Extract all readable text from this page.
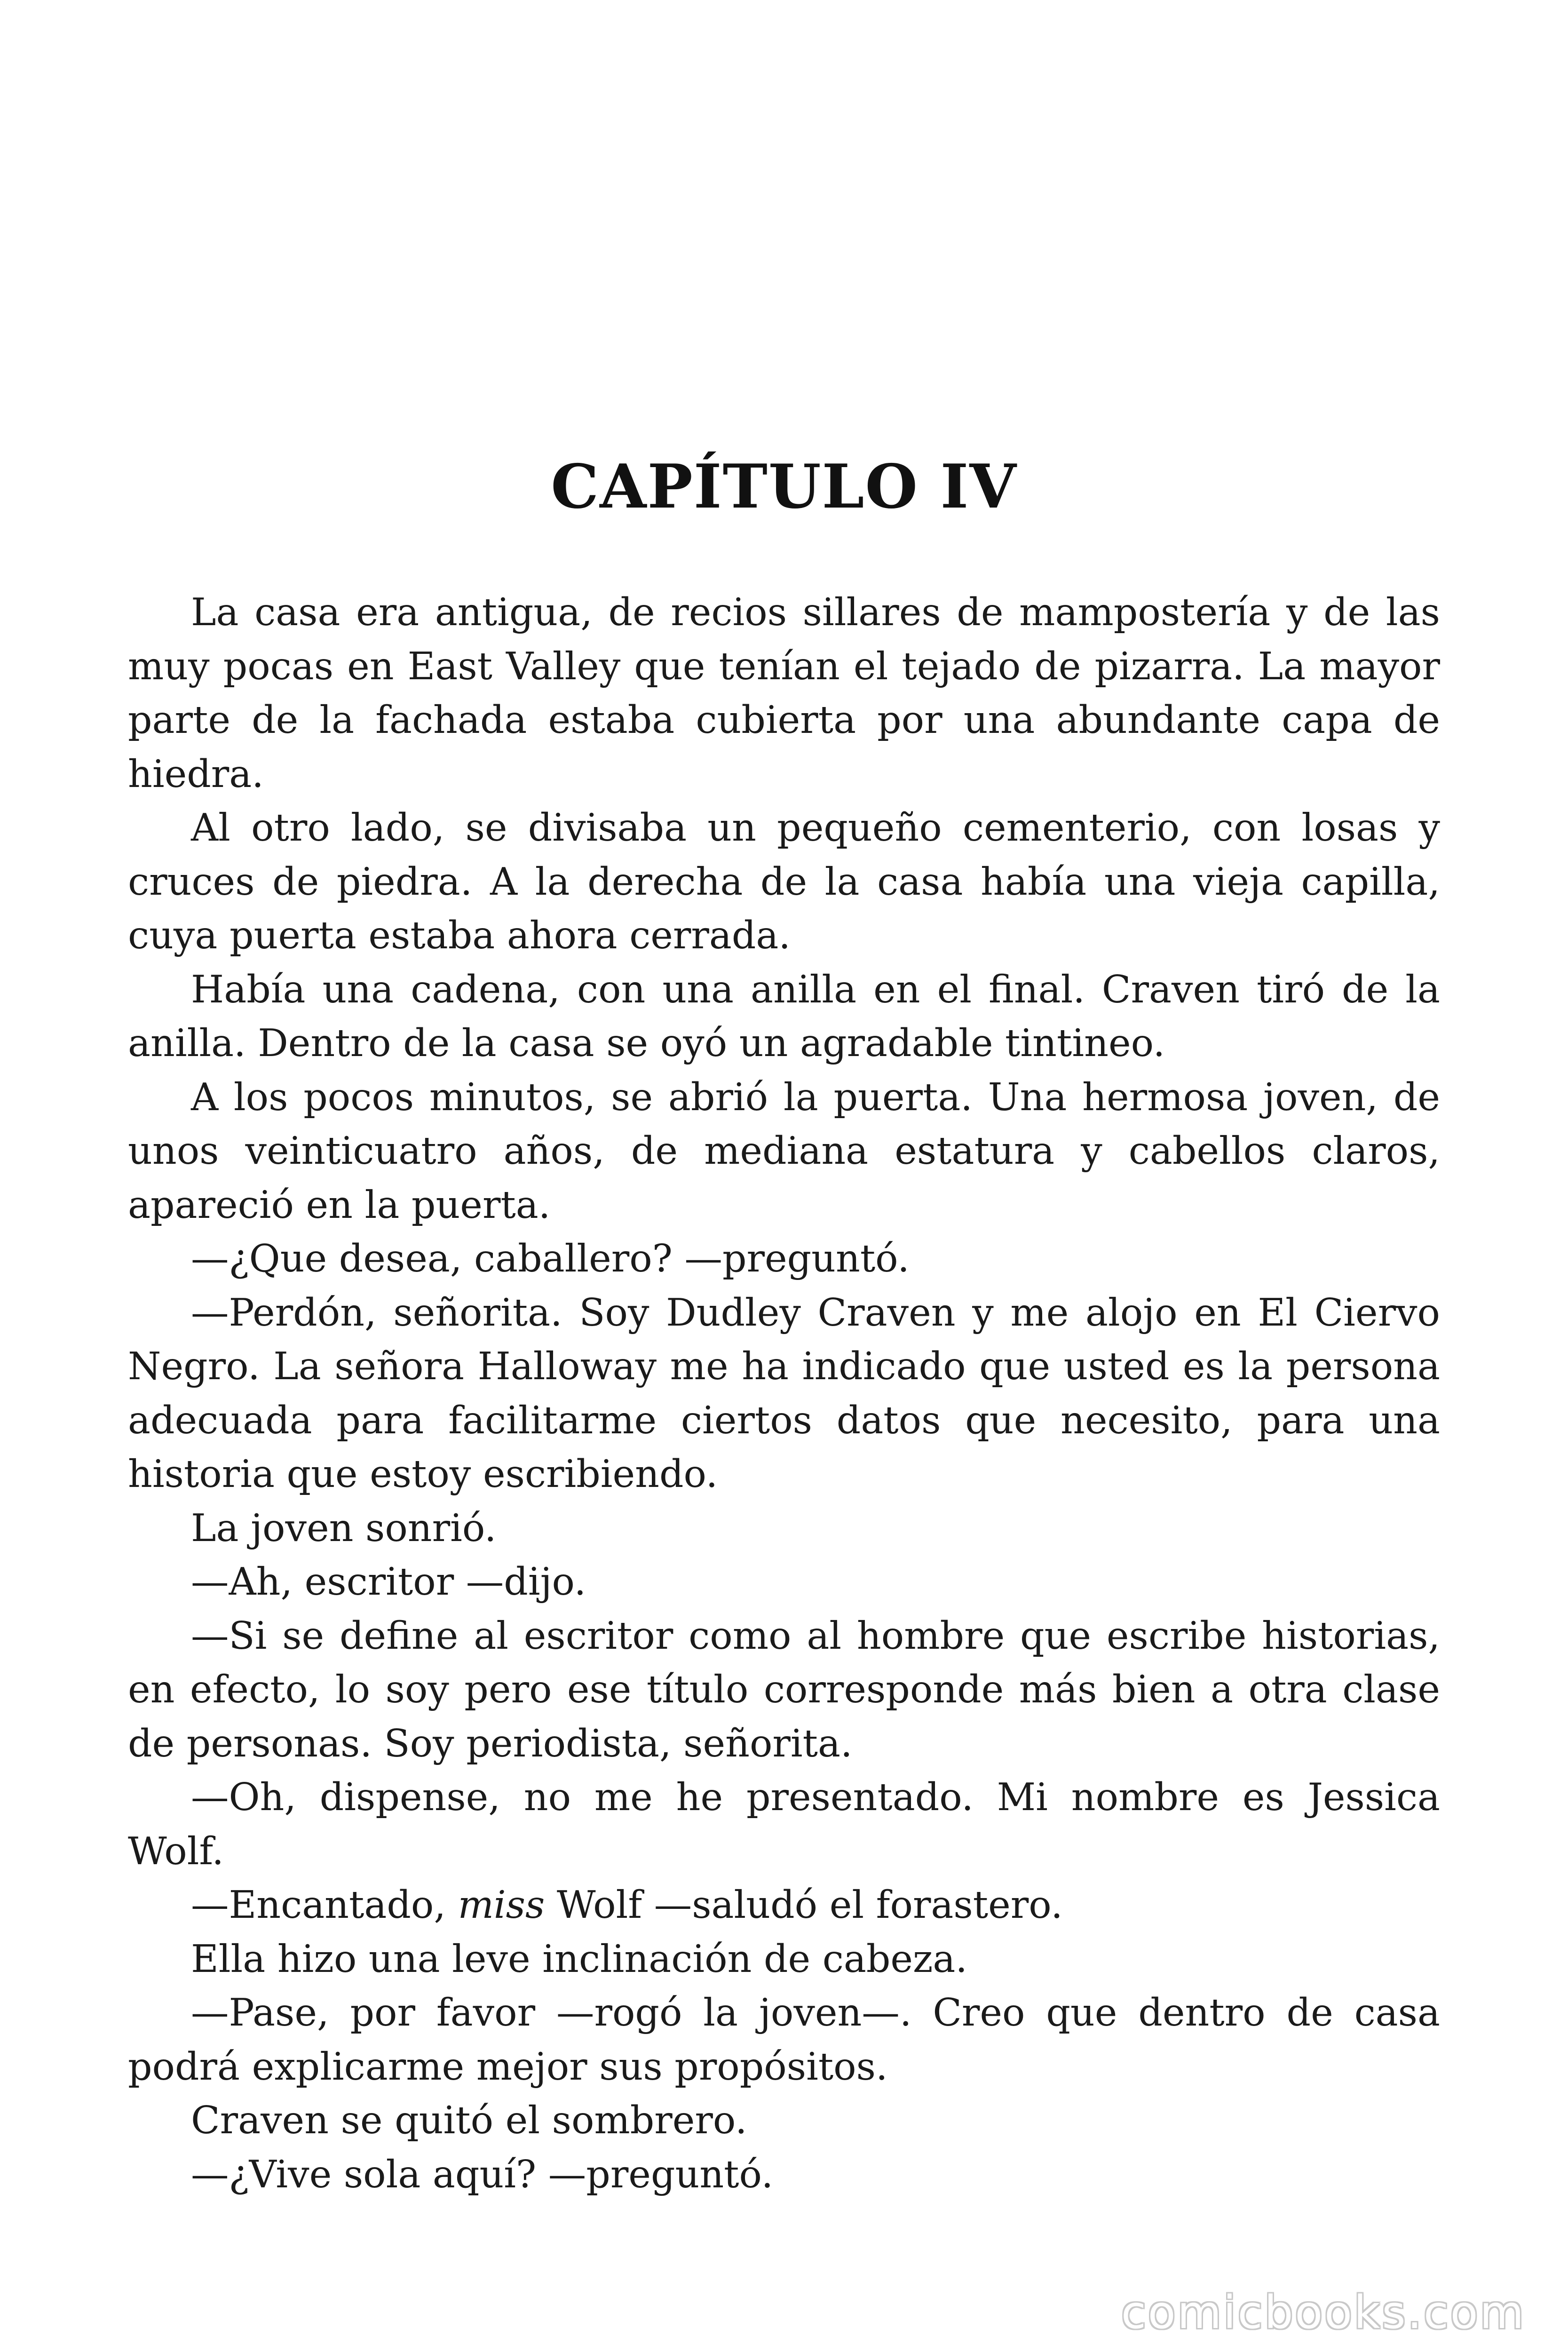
CAPÍTULO IV

La casa era antigua, de recios sillares de mampostería y de las muy pocas en East Valley que tenían el tejado de pizarra. La mayor parte de la fachada estaba cubierta por una abundante capa de hiedra.

Al otro lado, se divisaba un pequeño cementerio, con losas y cruces de piedra. A la derecha de la casa había una vieja capilla, cuya puerta estaba ahora cerrada.

Había una cadena, con una anilla en el final. Craven tiró de la anilla. Dentro de la casa se oyó un agradable tintineo.

A los pocos minutos, se abrió la puerta. Una hermosa joven, de unos veinticuatro años, de mediana estatura y cabellos claros, apareció en la puerta.

—¿Que desea, caballero? —preguntó.

—Perdón, señorita. Soy Dudley Craven y me alojo en El Ciervo Negro. La señora Halloway me ha indicado que usted es la persona adecuada para facilitarme ciertos datos que necesito, para una historia que estoy escribiendo.

La joven sonrió.

—Ah, escritor —dijo.

—Si se define al escritor como al hombre que escribe historias, en efecto, lo soy pero ese título corresponde más bien a otra clase de personas. Soy periodista, señorita.

—Oh, dispense, no me he presentado. Mi nombre es Jessica Wolf.

—Encantado, miss Wolf —saludó el forastero.

Ella hizo una leve inclinación de cabeza.

—Pase, por favor —rogó la joven—. Creo que dentro de casa podrá explicarme mejor sus propósitos.

Craven se quitó el sombrero.

—¿Vive sola aquí? —preguntó.

comicbooks.com
